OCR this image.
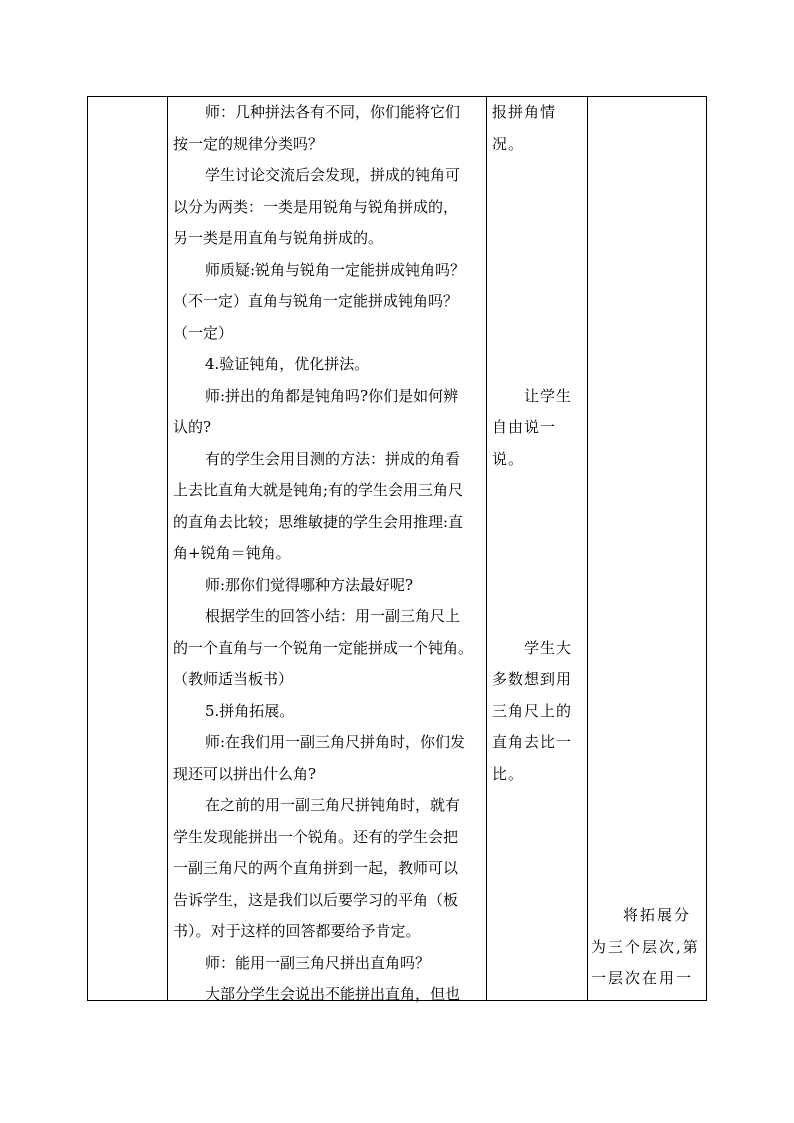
师：几种拼法各有不同，你们能将它们

按一定的规律分类吗？

学生讨论交流后会发现，拼成的钝角可

以分为两类：一类是用锐角与锐角拼成的，

另一类是用直角与锐角拼成的。

师质疑:锐角与锐角一定能拼成钝角吗？

（不一定）直角与锐角一定能拼成钝角吗？

（一定）

4.验证钝角，优化拼法。

师:拼出的角都是钝角吗?你们是如何辨

认的?

有的学生会用目测的方法：拼成的角看

上去比直角大就是钝角;有的学生会用三角尺

的直角去比较；思维敏捷的学生会用推理:直

角+锐角＝钝角。

师:那你们觉得哪种方法最好呢?

根据学生的回答小结：用一副三角尺上

的一个直角与一个锐角一定能拼成一个钝角。

（教师适当板书）

5.拼角拓展。

师:在我们用一副三角尺拼角时，你们发

现还可以拼出什么角?

在之前的用一副三角尺拼钝角时，就有

学生发现能拼出一个锐角。还有的学生会把

一副三角尺的两个直角拼到一起，教师可以

告诉学生，这是我们以后要学习的平角（板

书）。对于这样的回答都要给予肯定。

师：能用一副三角尺拼出直角吗？

大部分学生会说出不能拼出直角，但也

报拼角情况。

让学生

自由说一说。

学生大

多数想到用

三角尺上的

直角去比一

比。

将拓展分

为三个层次,第

一层次在用一
